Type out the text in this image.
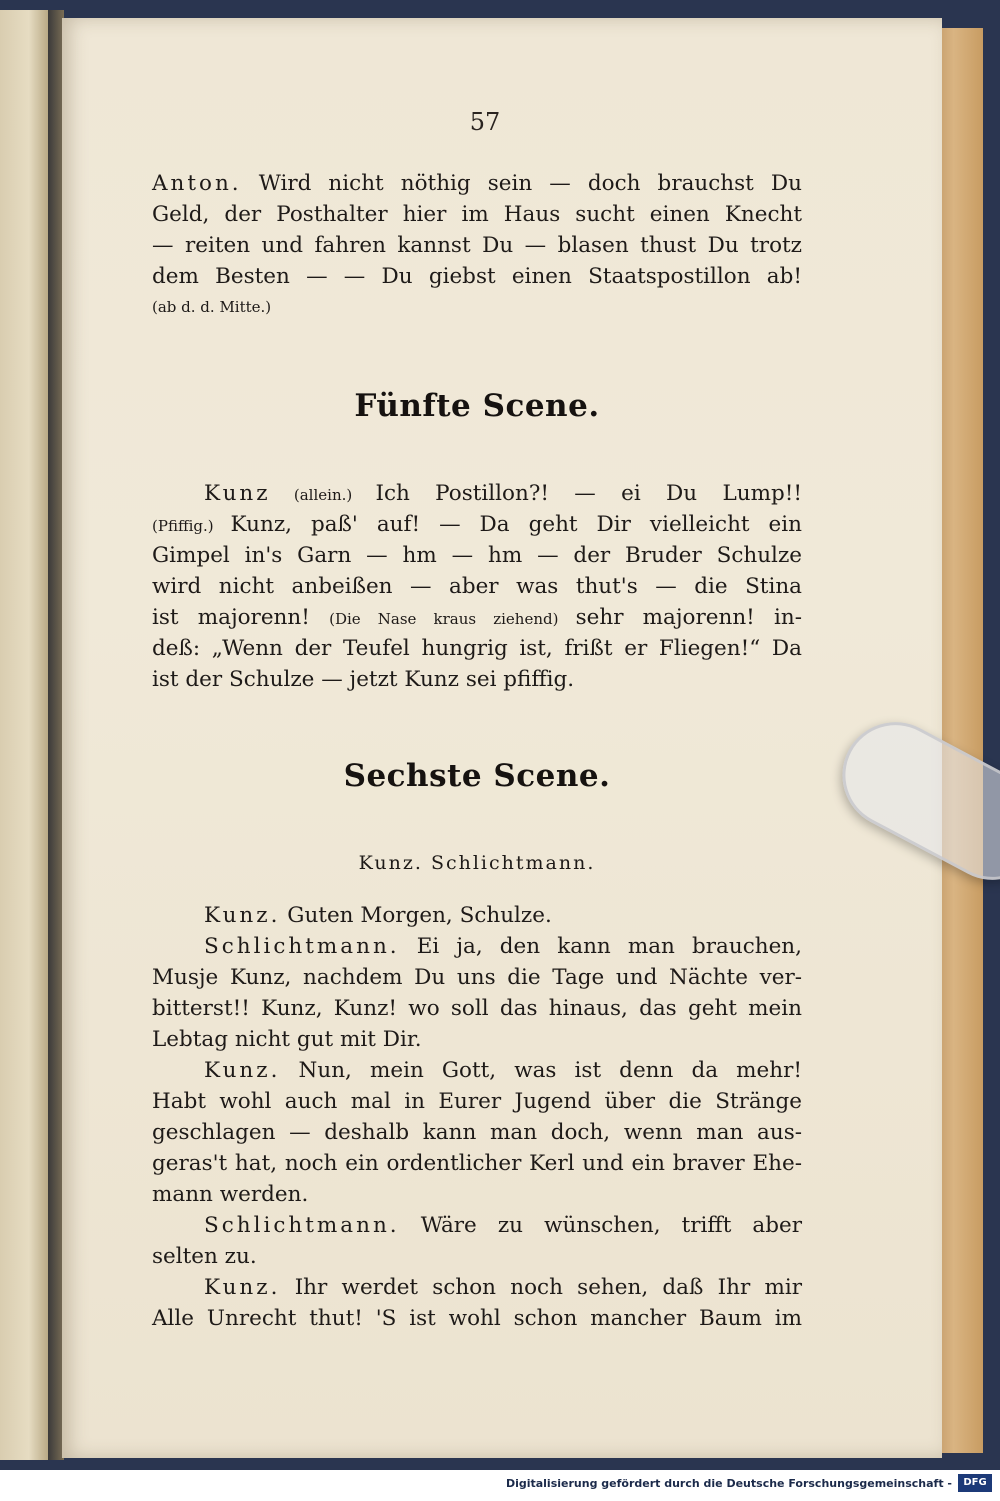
57
Anton. Wird nicht nöthig sein — doch brauchst Du
Geld, der Posthalter hier im Haus sucht einen Knecht
— reiten und fahren kannst Du — blasen thust Du trotz
dem Besten — — Du giebst einen Staatspostillon ab!
(ab d. d. Mitte.)
Fünfte Scene.
Kunz (allein.) Ich Postillon?! — ei Du Lump!!
(Pfiffig.) Kunz, paß' auf! — Da geht Dir vielleicht ein
Gimpel in's Garn — hm — hm — der Bruder Schulze
wird nicht anbeißen — aber was thut's — die Stina
ist majorenn! (Die Nase kraus ziehend) sehr majorenn! in-
deß: „Wenn der Teufel hungrig ist, frißt er Fliegen!“ Da
ist der Schulze — jetzt Kunz sei pfiffig.
Sechste Scene.
Kunz. Schlichtmann.
Kunz. Guten Morgen, Schulze.
Schlichtmann. Ei ja, den kann man brauchen,
Musje Kunz, nachdem Du uns die Tage und Nächte ver-
bitterst!! Kunz, Kunz! wo soll das hinaus, das geht mein
Lebtag nicht gut mit Dir.
Kunz. Nun, mein Gott, was ist denn da mehr!
Habt wohl auch mal in Eurer Jugend über die Stränge
geschlagen — deshalb kann man doch, wenn man aus-
geras't hat, noch ein ordentlicher Kerl und ein braver Ehe-
mann werden.
Schlichtmann. Wäre zu wünschen, trifft aber
selten zu.
Kunz. Ihr werdet schon noch sehen, daß Ihr mir
Alle Unrecht thut! 'S ist wohl schon mancher Baum im
Digitalisierung gefördert durch die Deutsche Forschungsgemeinschaft -	DFG
